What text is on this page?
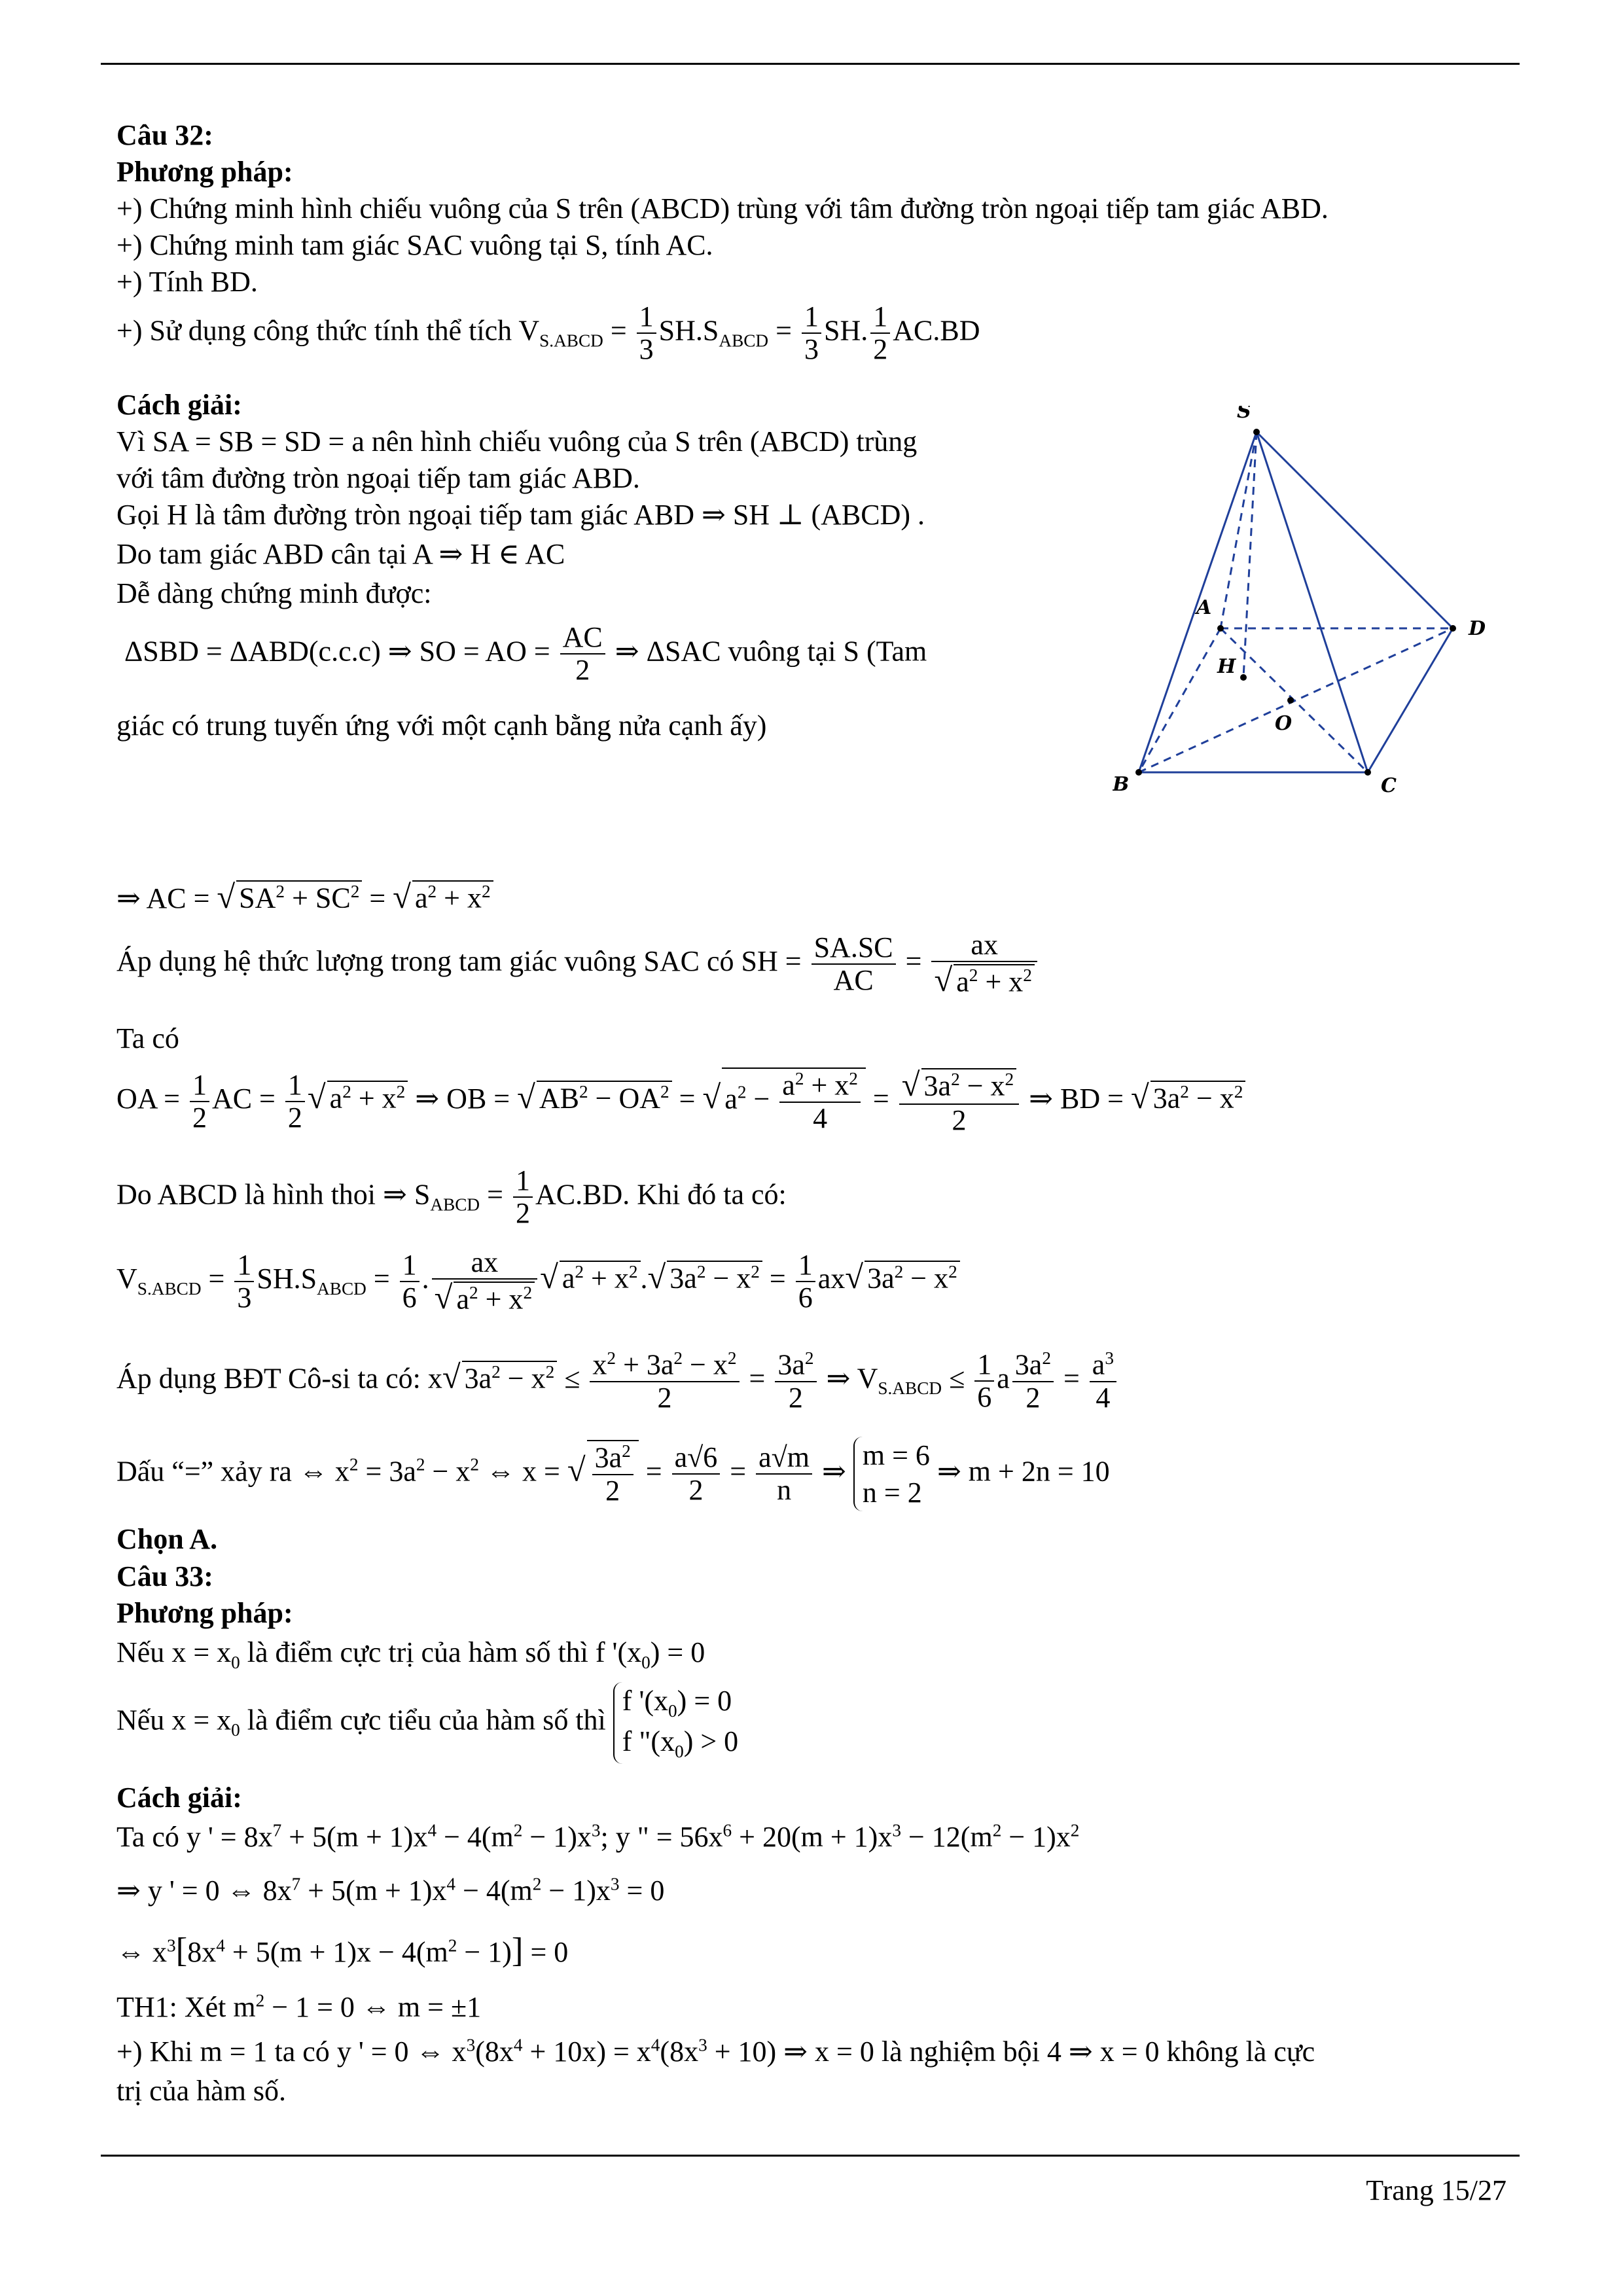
Câu 32:
Phương pháp:
+) Chứng minh hình chiếu vuông của S trên (ABCD) trùng với tâm đường tròn ngoại tiếp tam giác ABD.
+) Chứng minh tam giác SAC vuông tại S, tính AC.
+) Tính BD.
+) Sử dụng công thức tính thể tích $V_{S.ABCD} = \frac{1}{3} SH.S_{ABCD} = \frac{1}{3}$ SH. $\frac{1}{2} AC.BD$
Cách giải:
Vì SA = SB = SD = a nên hình chiếu vuông của S trên (ABCD) trùng
với tâm đường tròn ngoại tiếp tam giác ABD.
Gọi H là tâm đường tròn ngoại tiếp tam giác ABD ⇒ SH ⊥ (ABCD) .
Do tam giác ABD cân tại A ⇒ H ∈ AC
Dễ dàng chứng minh được:
ΔSBD = ΔABD(c.c.c) ⇒ SO = AO = $\frac{AC}{2}$ ⇒ ΔSAC vuông tại S (Tam
giác có trung tuyến ứng với một cạnh bằng nửa cạnh ấy)
S
A
D
H
O
B	C
⇒ AC = √ $SA^2 + SC^2$ = √ $a^2 + x^2$
Áp dụng hệ thức lượng trong tam giác vuông SAC có SH = $\frac{SA.SC}{AC} = \frac{ax}{√ a^2 + x^2}$
Ta có
OA = $\frac{1}{2}$ AC = $\frac{1}{2}$ √ $a^2 + x^2$ ⇒ OB = √ $AB^2 - OA^2$ = √ $a^2 - \frac{a^2 + x^2}{4} = \frac{√ 3a^2 - x^2}{2}$ ⇒ BD = √ $3a^2 - x^2$
Do ABCD là hình thoi ⇒ $S_{ABCD} = \frac{1}{2} AC.BD$. Khi đó ta có:
$V_{S.ABCD} = \frac{1}{3} SH.S_{ABCD} = \frac{1}{6}$ . $\frac{ax}{√ a^2 + x^2}$ √ $a^2 + x^2.√$ $3a^2 - x^2 = \frac{1}{6} ax√$ $3a^2 - x^2$
Áp dụng BĐT Cô-si ta có: x√ $3a^2 - x^2 \le \frac{x^2 + 3a^2 - x^2}{2} = \frac{3a^2}{2}$ ⇒ $V_{S.ABCD} \le \frac{1}{6}$ a $\frac{3a^2}{2} = \frac{a^3}{4}$
Dấu “=” xảy ra ⇔ $x^2 = 3a^2 - x^2$ ⇔ x = √ $\frac{3a^2}{2} = \frac{a√6}{2} = \frac{a√m}{n}$ ⇒ m = 6
n = 2
⇒ m + 2n = 10
Chọn A.
Câu 33:
Phương pháp:
Nếu $x = x_0$ là điểm cực trị của hàm số thì f '$(x_0) = 0$
Nếu $x = x_0$ là điểm cực tiểu của hàm số thì
f '$(x_0) = 0$
f "$(x_0) > 0$
Cách giải:
Ta có y ' = $8x^7 + 5(m + 1)x^4 - 4(m^2 - 1)x^3$; y " = $56x^6 + 20(m + 1)x^3 - 12(m^2 - 1)x^2$
⇒ y ' = 0 ⇔ $8x^7 + 5(m + 1)x^4 - 4(m^2 - 1)x^3 = 0$
⇔ $x^3[8x^4 + 5(m + 1)x - 4(m^2 - 1)] = 0$
TH1: Xét $m^2 - 1 = 0$ ⇔ m = ±1
+) Khi m = 1 ta có y ' = 0 ⇔ $x^3(8x^4 + 10x) = x^4(8x^3 + 10)$ ⇒ x = 0 là nghiệm bội 4 ⇒ x = 0 không là cực
trị của hàm số.
Trang 15/27
